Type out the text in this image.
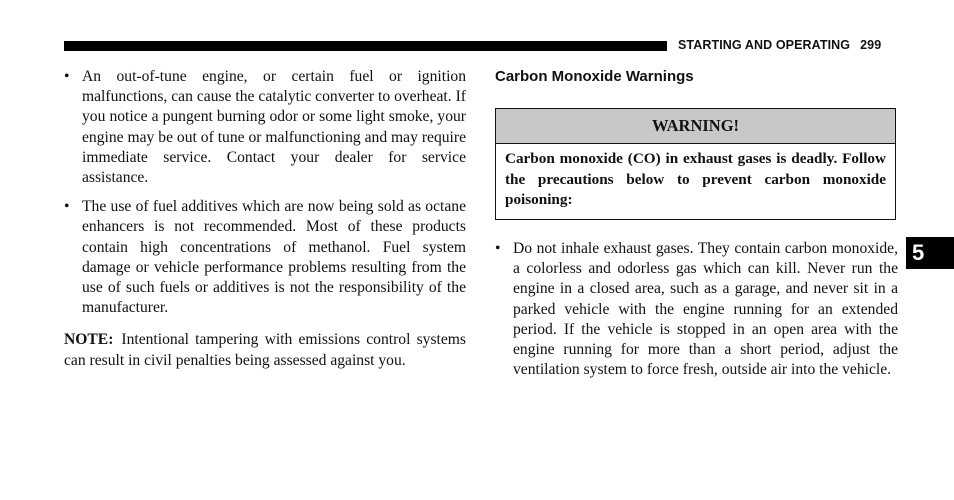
STARTING AND OPERATING 299
• An out-of-tune engine, or certain fuel or ignition malfunctions, can cause the catalytic converter to overheat. If you notice a pungent burning odor or some light smoke, your engine may be out of tune or malfunctioning and may require immediate service. Contact your dealer for service assistance.
• The use of fuel additives which are now being sold as octane enhancers is not recommended. Most of these products contain high concentrations of methanol. Fuel system damage or vehicle performance problems resulting from the use of such fuels or additives is not the responsibility of the manufacturer.

NOTE: Intentional tampering with emissions control systems can result in civil penalties being assessed against you.

Carbon Monoxide Warnings
WARNING!
Carbon monoxide (CO) in exhaust gases is deadly. Follow the precautions below to prevent carbon monoxide poisoning:
• Do not inhale exhaust gases. They contain carbon monoxide, a colorless and odorless gas which can kill. Never run the engine in a closed area, such as a garage, and never sit in a parked vehicle with the engine running for an extended period. If the vehicle is stopped in an open area with the engine running for more than a short period, adjust the ventilation system to force fresh, outside air into the vehicle.
5
